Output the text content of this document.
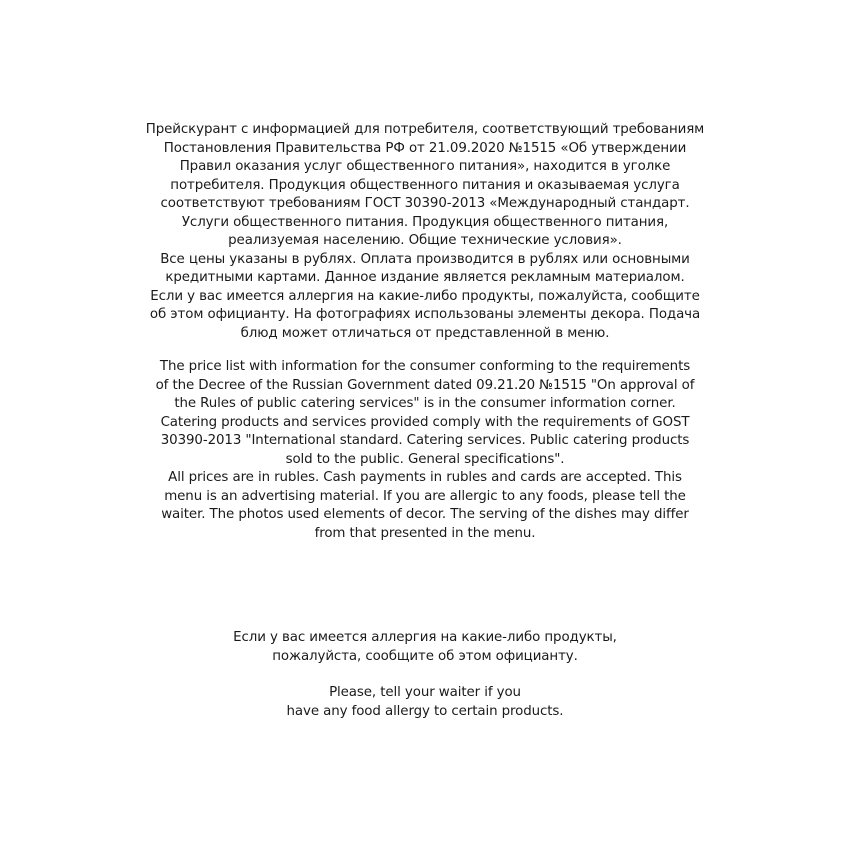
Прейскурант с информацией для потребителя, соответствующий требованиям
Постановления Правительства РФ от 21.09.2020 №1515 «Об утверждении
Правил оказания услуг общественного питания», находится в уголке
потребителя. Продукция общественного питания и оказываемая услуга
соответствуют требованиям ГОСТ 30390-2013 «Международный стандарт.
Услуги общественного питания. Продукция общественного питания,
реализуемая населению. Общие технические условия».
Все цены указаны в рублях. Оплата производится в рублях или основными
кредитными картами. Данное издание является рекламным материалом.
Если у вас имеется аллергия на какие-либо продукты, пожалуйста, сообщите
об этом официанту. На фотографиях использованы элементы декора. Подача
блюд может отличаться от представленной в меню.
The price list with information for the consumer conforming to the requirements
of the Decree of the Russian Government dated 09.21.20 №1515 "On approval of
the Rules of public catering services" is in the consumer information corner.
Catering products and services provided comply with the requirements of GOST
30390-2013 "International standard. Catering services. Public catering products
sold to the public. General specifications".
All prices are in rubles. Cash payments in rubles and cards are accepted. This
menu is an advertising material. If you are allergic to any foods, please tell the
waiter. The photos used elements of decor. The serving of the dishes may differ
from that presented in the menu.
Если у вас имеется аллергия на какие-либо продукты,
пожалуйста, сообщите об этом официанту.
Please, tell your waiter if you
have any food allergy to certain products.
